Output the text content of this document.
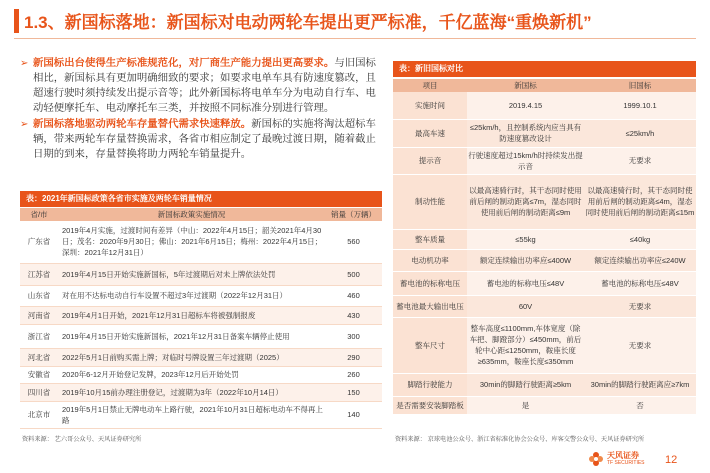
1.3、新国标落地：新国标对电动两轮车提出更严标准，千亿蓝海“重焕新机”
➢ 新国标出台使得生产标准规范化，对厂商生产能力提出更高要求。与旧国标相比，新国标具有更加明确细致的要求；如要求电单车具有防速度篡改，且超速行驶时须持续发出提示音等；此外新国标将电单车分为电动自行车、电动轻便摩托车、电动摩托车三类，并按照不同标准分别进行管理。
➢ 新国标落地驱动两轮车存量替代需求快速释放。新国标的实施将淘汰超标车辆，带来两轮车存量替换需求，各省市相应制定了最晚过渡日期，随着截止日期的到来，存量替换将助力两轮车销量提升。
表：2021年新国标政策各省市实施及两轮车销量情况
省/市	新国标政策实施情况	销量（万辆）
广东省	2019年4月实施，过渡时间有差异（中山：2022年4月15日；韶关2021年4月30日；茂名：2020年9月30日；佛山：2021年6月15日；梅州：2022年4月15日；深圳：2021年12月31日）	560
江苏省	2019年4月15日开始实施新国标，5年过渡期后对未上牌依法处罚	500
山东省	对在用不达标电动自行车设置不超过3年过渡期（2022年12月31日）	460
河南省	2019年4月1日开始，2021年12月31日超标车将被强制报废	430
浙江省	2019年4月15日开始实施新国标，2021年12月31日备案车辆停止使用	300
河北省	2022年5月1日前购买需上牌；对临时号牌设置三年过渡期（2025）	290
安徽省	2020年6-12月开始登记发牌，2023年12月后开始处罚	260
四川省	2019年10月15前办理注册登记，过渡期为3年（2022年10月14日）	150
北京市	2019年5月1日禁止无牌电动车上路行驶，2021年10月31日超标电动车不得再上路	140
资料来源： 艺六哥公众号、天风证券研究所
表：新旧国标对比
项目	新国标	旧国标
实施时间	2019.4.15	1999.10.1
最高车速	≤25km/h，且控制系统内应当具有防速度篡改设计	≤25km/h
提示音	行驶速度超过15km/h时持续发出提示音	无要求
制动性能	以最高速骑行时，其干态同时使用前后闸的制动距离≤7m，湿态同时使用前后闸的制动距离≤9m	以最高速骑行时，其干态同时使用前后闸的制动距离≤4m，湿态同时使用前后闸的制动距离≤15m
整车质量	≤55kg	≤40kg
电动机功率	额定连续输出功率应≤400W	额定连续输出功率应≤240W
蓄电池的标称电压	蓄电池的标称电压≤48V	蓄电池的标称电压≤48V
蓄电池最大输出电压	60V	无要求
整车尺寸	整车高度≤1100mm,车体宽度（除车把、脚蹬部分）≤450mm，前后轮中心距≤1250mm，鞍座长度≥635mm，鞍座长度≤350mm	无要求
脚踏行驶能力	30min的脚踏行驶距离≥5km	30min的脚踏行驶距离应≥7km
是否需要安装脚踏板	是	否
资料来源： 京球电池公众号、浙江省标准化协会公众号、库客交警公众号、天风证券研究所
天风证券
TF SECURITIES 12
